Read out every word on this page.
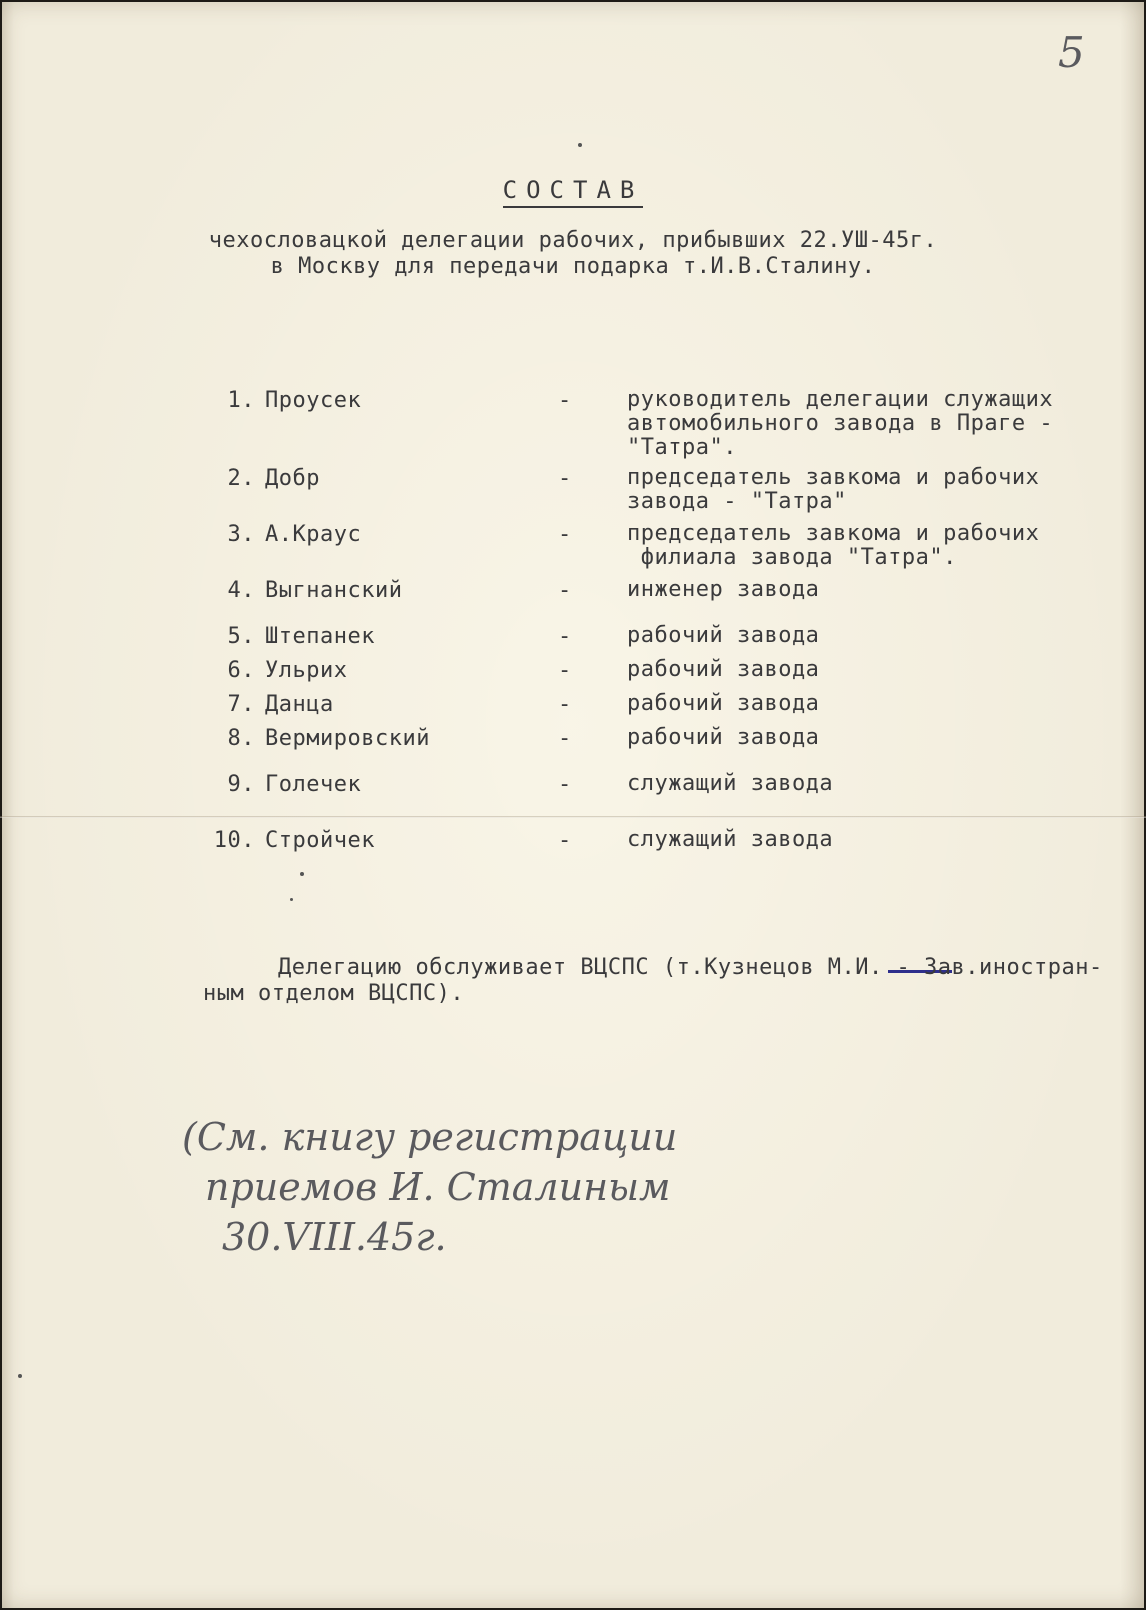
5
СОСТАВ
чехословацкой делегации рабочих, прибывших 22.УШ-45г.
в Москву для передачи подарка т.И.В.Сталину.
1. Проусек	-	руководитель делегации служащих
автомобильного завода в Праге -
"Татра".
2. Добр	-	председатель завкома и рабочих
завода - "Татра"
3. А.Краус	-	председатель завкома и рабочих
филиала завода "Татра".
4. Выгнанский	-	инженер завода
5. Штепанек	-	рабочий завода
6. Ульрих	-	рабочий завода
7. Данца	-	рабочий завода
8. Вермировский	-	рабочий завода
9. Голечек	-	служащий завода
10. Стройчек	-	служащий завода
Делегацию обслуживает ВЦСПС (т.Кузнецов М.И. - Зав.иностран-
ным отделом ВЦСПС).
(См. книгу регистрации
приемов И. Сталиным
30.VIII.45г.
